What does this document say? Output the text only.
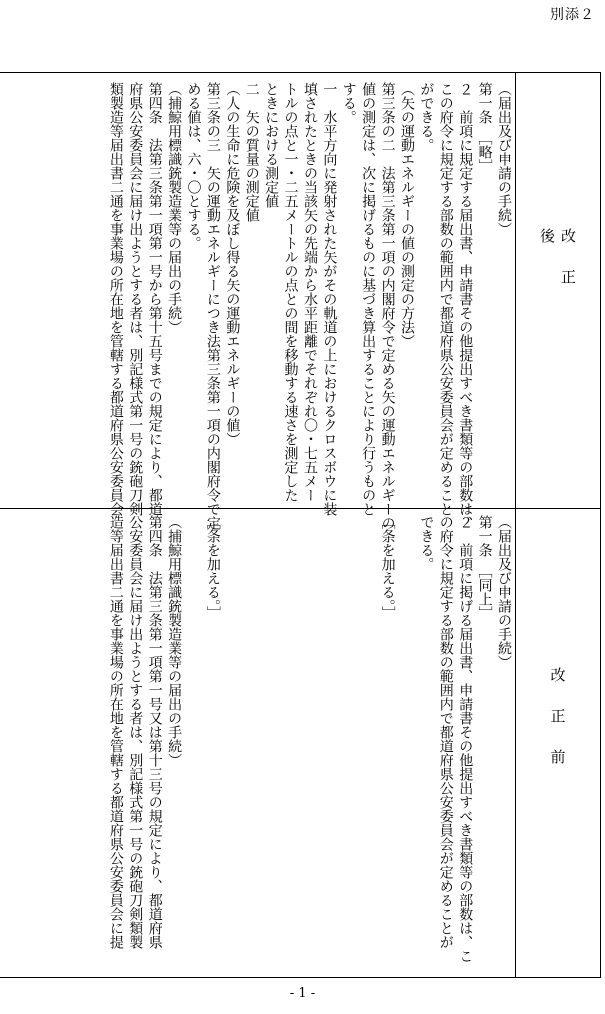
別添２
改正後
改正前
（届出及び申請の手続）
第一条　［略］
２　前項に規定する届出書、申請書その他提出すべき書類等の部数は、
この府令に規定する部数の範囲内で都道府県公安委員会が定めること
ができる。
（矢の運動エネルギーの値の測定の方法）
第三条の二　法第三条第一項の内閣府令で定める矢の運動エネルギーの
値の測定は、次に掲げるものに基づき算出することにより行うものと
する。
一　水平方向に発射された矢がその軌道の上におけるクロスボウに装
填されたときの当該矢の先端から水平距離でそれぞれ〇・七五メー
トルの点と一・二五メートルの点との間を移動する速さを測定した
ときにおける測定値
二　矢の質量の測定値
（人の生命に危険を及ぼし得る矢の運動エネルギーの値）
第三条の三　矢の運動エネルギーにつき法第三条第一項の内閣府令で定
める値は、六・〇とする。
（捕鯨用標識銃製造業等の届出の手続）
第四条　法第三条第一項第一号から第十五号までの規定により、都道
府県公安委員会に届け出ようとする者は、別記様式第一号の銃砲刀剣
類製造等届出書二通を事業場の所在地を管轄する都道府県公安委員会
（届出及び申請の手続）
第一条　［同上］
２　前項に掲げる届出書、申請書その他提出すべき書類等の部数は、こ
の府令に規定する部数の範囲内で都道府県公安委員会が定めることが
できる。

［条を加える。］

［条を加える。］

（捕鯨用標識銃製造業等の届出の手続）
第四条　法第三条第一項第一号又は第十三号の規定により、都道府県
公安委員会に届け出ようとする者は、別記様式第一号の銃砲刀剣類製
造等届出書二通を事業場の所在地を管轄する都道府県公安委員会に提
- 1 -
